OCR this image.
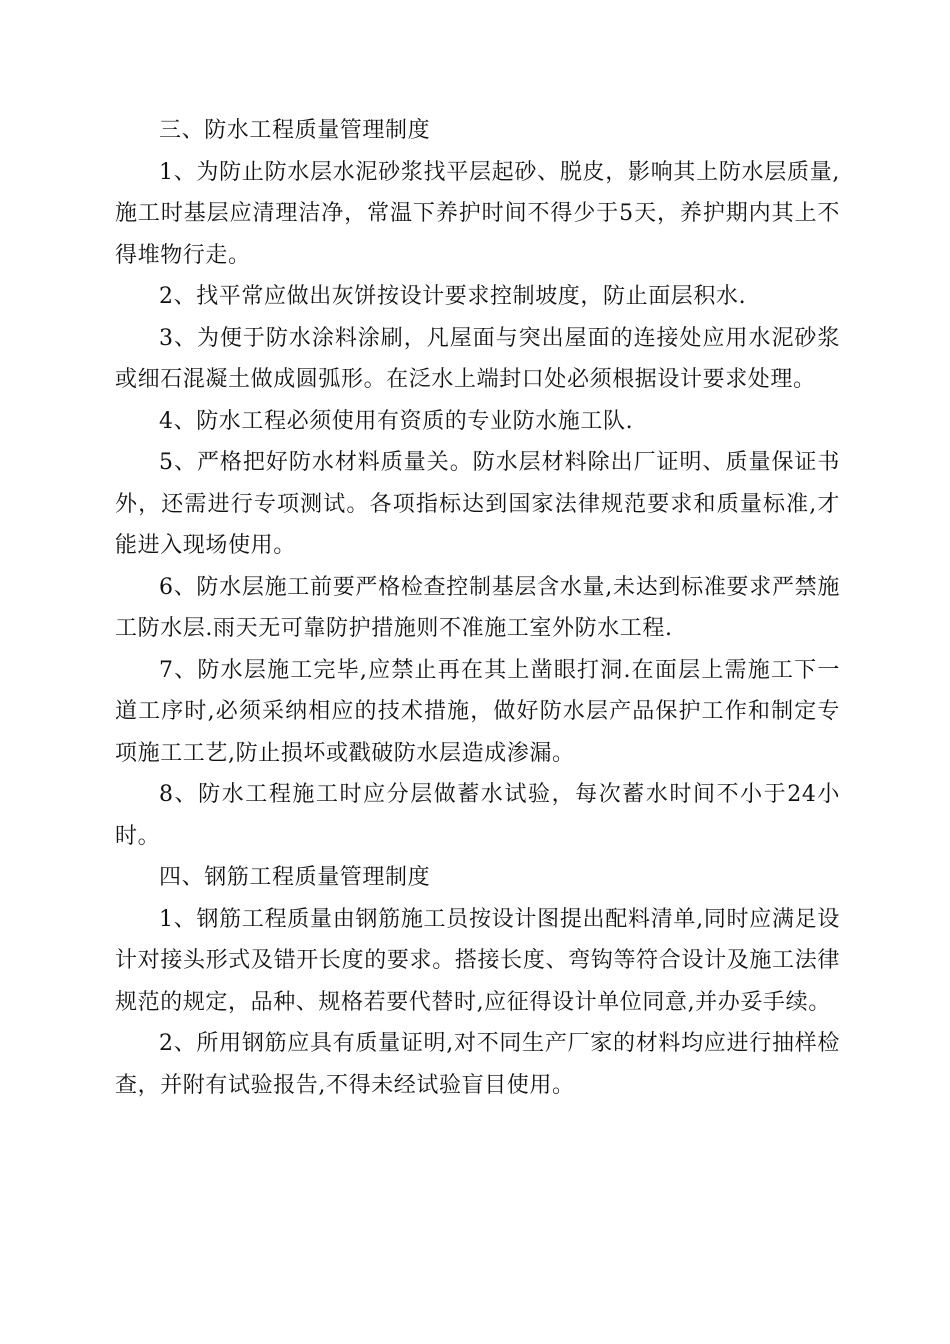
三、防水工程质量管理制度

1、为防止防水层水泥砂浆找平层起砂、脱皮，影响其上防水层质量,施工时基层应清理洁净，常温下养护时间不得少于5天，养护期内其上不得堆物行走。

2、找平常应做出灰饼按设计要求控制坡度，防止面层积水.

3、为便于防水涂料涂刷，凡屋面与突出屋面的连接处应用水泥砂浆或细石混凝土做成圆弧形。在泛水上端封口处必须根据设计要求处理。

4、防水工程必须使用有资质的专业防水施工队.

5、严格把好防水材料质量关。防水层材料除出厂证明、质量保证书外，还需进行专项测试。各项指标达到国家法律规范要求和质量标准,才能进入现场使用。

6、防水层施工前要严格检查控制基层含水量,未达到标准要求严禁施工防水层.雨天无可靠防护措施则不准施工室外防水工程.

7、防水层施工完毕,应禁止再在其上凿眼打洞.在面层上需施工下一道工序时,必须采纳相应的技术措施，做好防水层产品保护工作和制定专项施工工艺,防止损坏或戳破防水层造成渗漏。

8、防水工程施工时应分层做蓄水试验，每次蓄水时间不小于24小时。

四、钢筋工程质量管理制度

1、钢筋工程质量由钢筋施工员按设计图提出配料清单,同时应满足设计对接头形式及错开长度的要求。搭接长度、弯钩等符合设计及施工法律规范的规定，品种、规格若要代替时,应征得设计单位同意,并办妥手续。

2、所用钢筋应具有质量证明,对不同生产厂家的材料均应进行抽样检查，并附有试验报告,不得未经试验盲目使用。
